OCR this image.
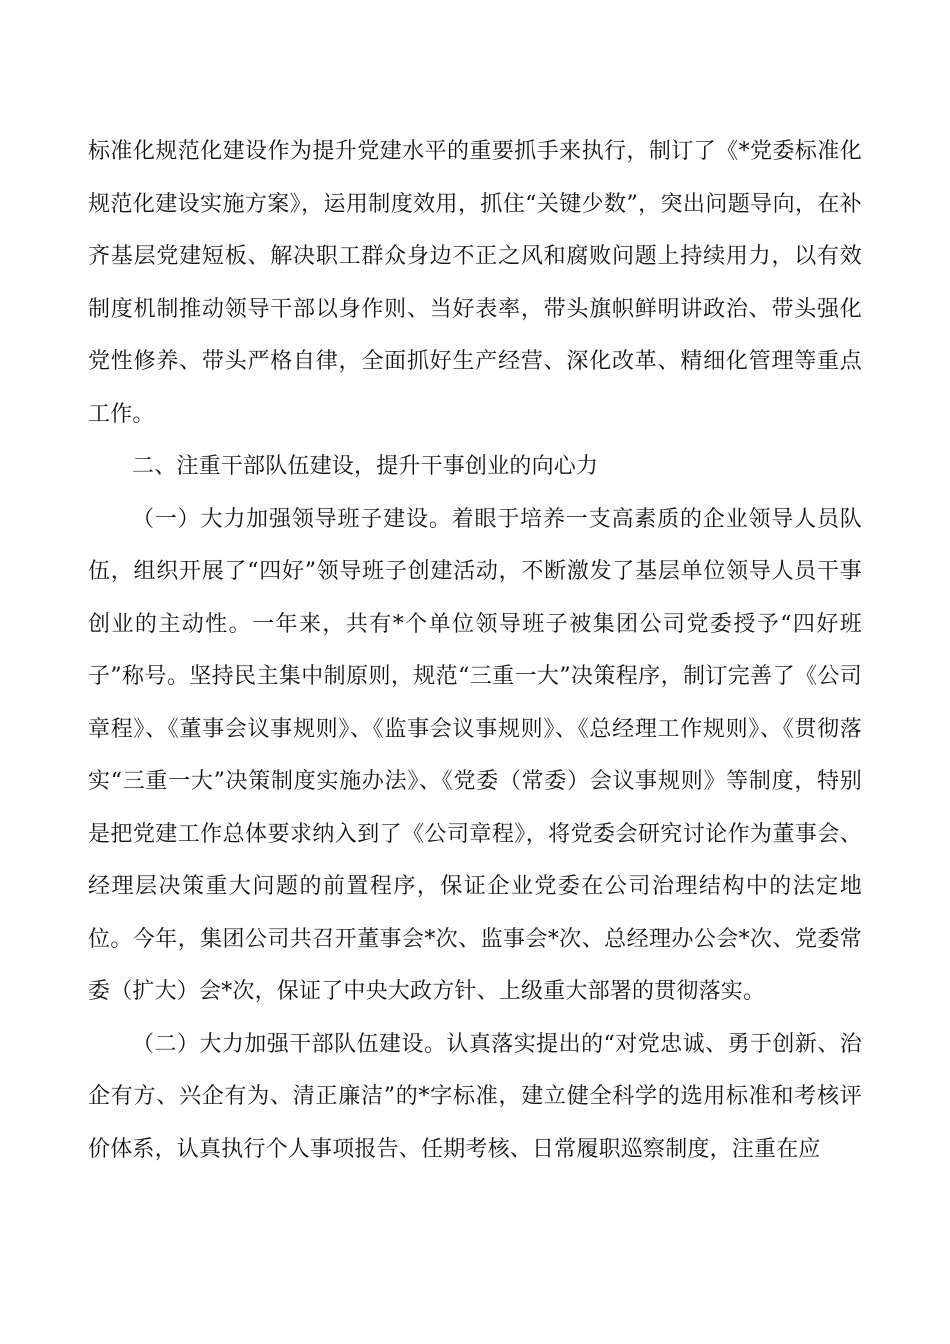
标准化规范化建设作为提升党建水平的重要抓手来执行，制订了《*党委标准化规范化建设实施方案》，运用制度效用，抓住“关键少数”，突出问题导向，在补齐基层党建短板、解决职工群众身边不正之风和腐败问题上持续用力，以有效制度机制推动领导干部以身作则、当好表率，带头旗帜鲜明讲政治、带头强化党性修养、带头严格自律，全面抓好生产经营、深化改革、精细化管理等重点工作。

二、注重干部队伍建设，提升干事创业的向心力

（一）大力加强领导班子建设。着眼于培养一支高素质的企业领导人员队伍，组织开展了“四好”领导班子创建活动，不断激发了基层单位领导人员干事创业的主动性。一年来，共有*个单位领导班子被集团公司党委授予“四好班子”称号。坚持民主集中制原则，规范“三重一大”决策程序，制订完善了《公司章程》、《董事会议事规则》、《监事会议事规则》、《总经理工作规则》、《贯彻落实“三重一大”决策制度实施办法》、《党委（常委）会议事规则》等制度，特别是把党建工作总体要求纳入到了《公司章程》，将党委会研究讨论作为董事会、经理层决策重大问题的前置程序，保证企业党委在公司治理结构中的法定地位。今年，集团公司共召开董事会*次、监事会*次、总经理办公会*次、党委常委（扩大）会*次，保证了中央大政方针、上级重大部署的贯彻落实。

（二）大力加强干部队伍建设。认真落实提出的“对党忠诚、勇于创新、治企有方、兴企有为、清正廉洁”的*字标准，建立健全科学的选用标准和考核评价体系，认真执行个人事项报告、任期考核、日常履职巡察制度，注重在应
